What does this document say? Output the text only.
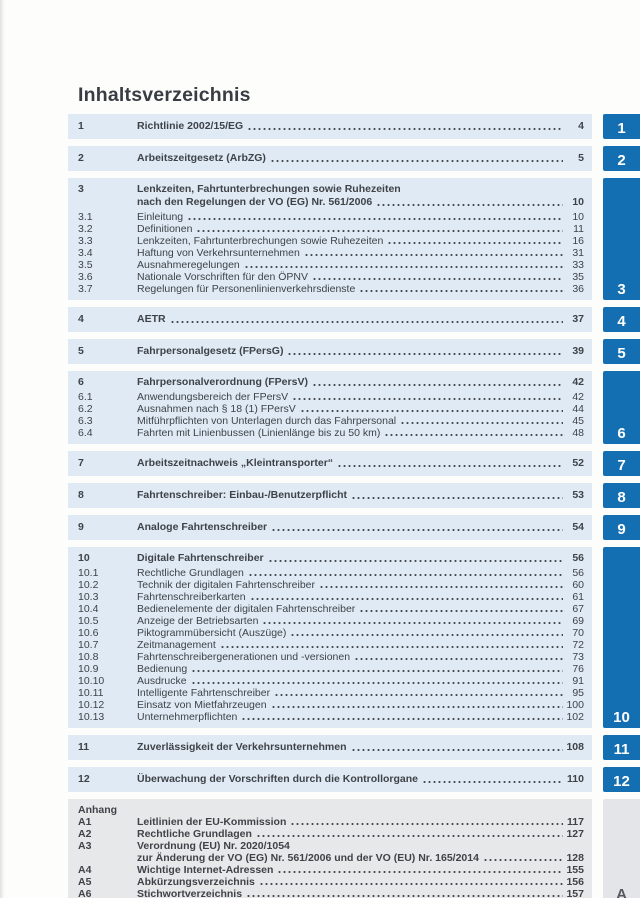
Inhaltsverzeichnis
1	Richtlinie 2002/15/EG	4	1
2	Arbeitszeitgesetz (ArbZG)	5	2
3	Lenkzeiten, Fahrtunterbrechungen sowie Ruhezeiten
nach den Regelungen der VO (EG) Nr. 561/2006	10
3.1	Einleitung	10
3.2	Definitionen	11
3.3	Lenkzeiten, Fahrtunterbrechungen sowie Ruhezeiten	16
3.4	Haftung von Verkehrsunternehmen	31
3.5	Ausnahmeregelungen	33
3.6	Nationale Vorschriften für den ÖPNV	35
3.7	Regelungen für Personenlinienverkehrsdienste	36	3
4	AETR	37	4
5	Fahrpersonalgesetz (FPersG)	39	5
6	Fahrpersonalverordnung (FPersV)	42
6.1	Anwendungsbereich der FPersV	42
6.2	Ausnahmen nach § 18 (1) FPersV	44
6.3	Mitführpflichten von Unterlagen durch das Fahrpersonal	45
6.4	Fahrten mit Linienbussen (Linienlänge bis zu 50 km)	48	6
7	Arbeitszeitnachweis „Kleintransporter“	52	7
8	Fahrtenschreiber: Einbau-/Benutzerpflicht	53	8
9	Analoge Fahrtenschreiber	54	9
10	Digitale Fahrtenschreiber	56
10.1	Rechtliche Grundlagen	56
10.2	Technik der digitalen Fahrtenschreiber	60
10.3	Fahrtenschreiberkarten	61
10.4	Bedienelemente der digitalen Fahrtenschreiber	67
10.5	Anzeige der Betriebsarten	69
10.6	Piktogrammübersicht (Auszüge)	70
10.7	Zeitmanagement	72
10.8	Fahrtenschreibergenerationen und -versionen	73
10.9	Bedienung	76
10.10	Ausdrucke	91
10.11	Intelligente Fahrtenschreiber	95
10.12	Einsatz von Mietfahrzeugen	100
10.13	Unternehmerpflichten	102	10
11	Zuverlässigkeit der Verkehrsunternehmen	108	11
12	Überwachung der Vorschriften durch die Kontrollorgane	110	12
Anhang
A1	Leitlinien der EU-Kommission	117
A2	Rechtliche Grundlagen	127
A3	Verordnung (EU) Nr. 2020/1054
zur Änderung der VO (EG) Nr. 561/2006 und der VO (EU) Nr. 165/2014	128
A4	Wichtige Internet-Adressen	155
A5	Abkürzungsverzeichnis	156
A6	Stichwortverzeichnis	157	A
